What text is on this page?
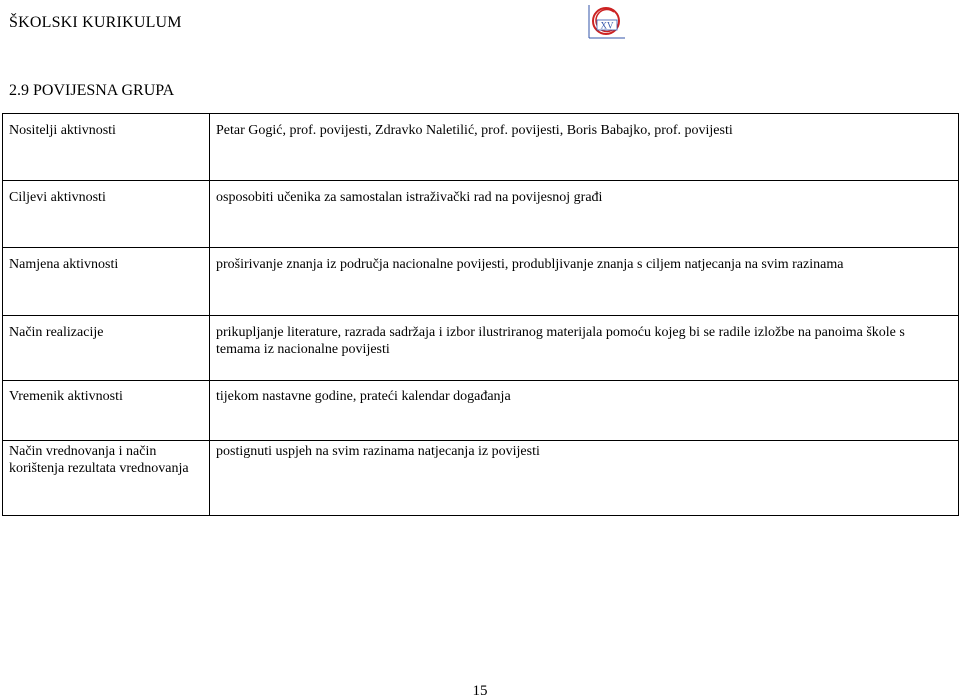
ŠKOLSKI KURIKULUM	XV
2.9 POVIJESNA GRUPA
Nositelji aktivnosti	Petar Gogić, prof. povijesti, Zdravko Naletilić, prof. povijesti, Boris Babajko, prof. povijesti

Ciljevi aktivnosti	osposobiti učenika za samostalan istraživački rad na povijesnoj građi

Namjena aktivnosti	proširivanje znanja iz područja nacionalne povijesti, produbljivanje znanja s ciljem natjecanja na svim razinama

Način realizacije	prikupljanje literature, razrada sadržaja i izbor ilustriranog materijala pomoću kojeg bi se radile izložbe na panoima škole s temama iz nacionalne povijesti

Vremenik aktivnosti	tijekom nastavne godine, prateći kalendar događanja

Način vrednovanja i način korištenja rezultata vrednovanja	postignuti uspjeh na svim razinama natjecanja iz povijesti
15
